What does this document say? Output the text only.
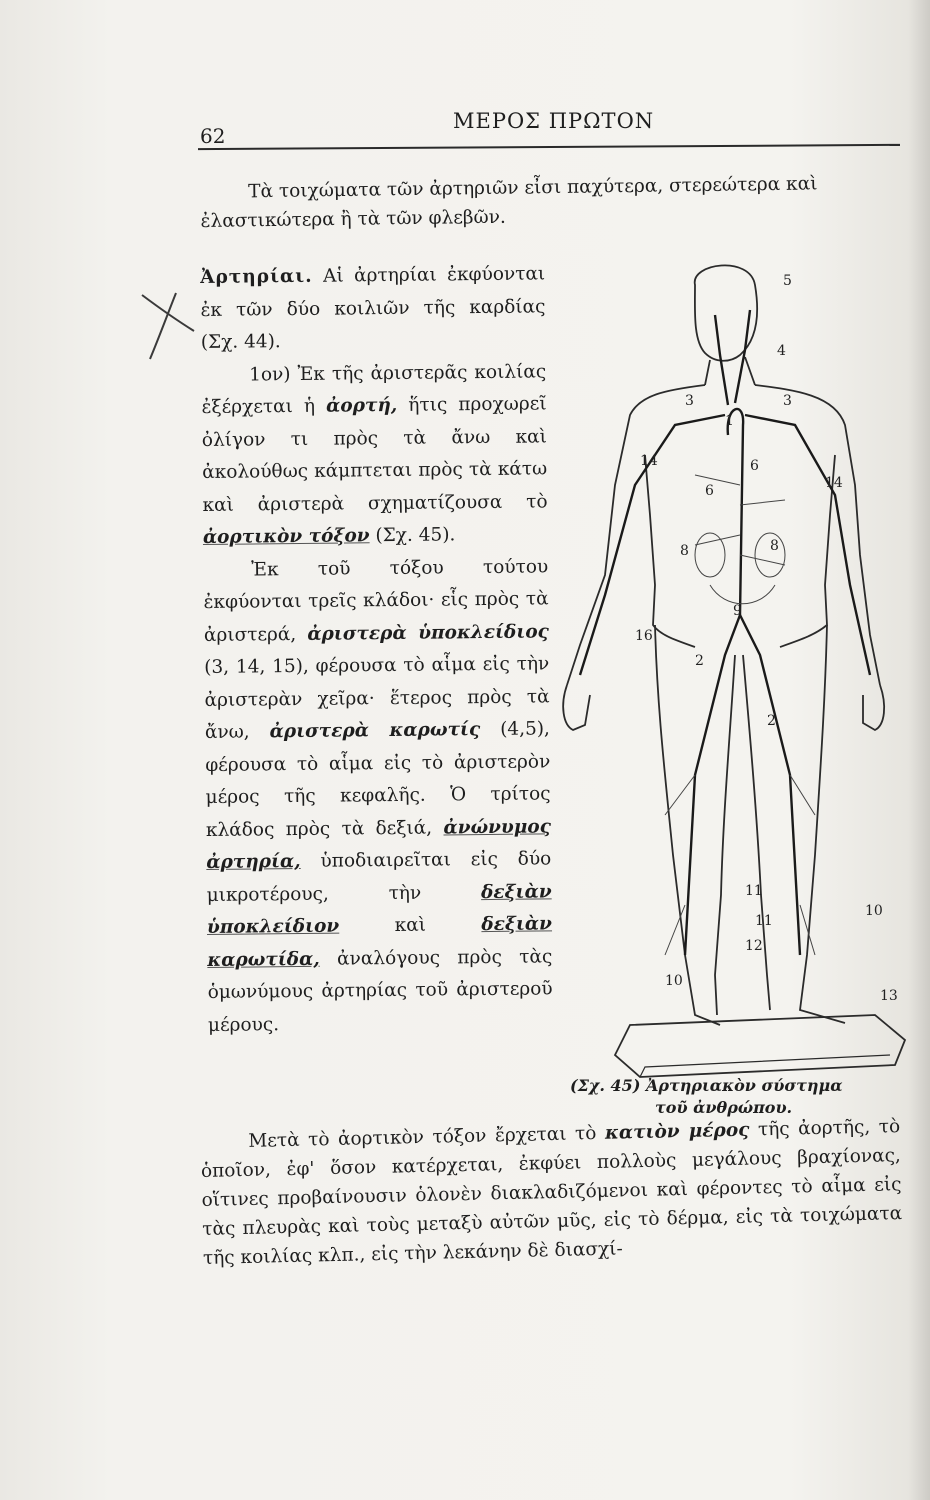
62
ΜΕΡΟΣ ΠΡΩΤΟΝ

Τὰ τοιχώματα τῶν ἀρτηριῶν εἶσι παχύτερα, στερεώτερα καὶ ἐλαστικώτερα ἢ τὰ τῶν φλεβῶν.

Ἀρτηρίαι. Αἱ ἀρτηρίαι ἐκφύονται ἐκ τῶν δύο κοιλιῶν τῆς καρδίας (Σχ. 44).

1ον) Ἐκ τῆς ἀριστερᾶς κοιλίας ἐξέρχεται ἡ ἀορτή, ἥτις προχωρεῖ ὀλίγον τι πρὸς τὰ ἄνω καὶ ἀκολούθως κάμπτεται πρὸς τὰ κάτω καὶ ἀριστερὰ σχηματίζουσα τὸ ἀορτικὸν τόξον (Σχ. 45).

Ἐκ τοῦ τόξου τούτου ἐκφύονται τρεῖς κλάδοι· εἷς πρὸς τὰ ἀριστερά, ἀριστερὰ ὑποκλείδιος (3, 14, 15), φέρουσα τὸ αἷμα εἰς τὴν ἀριστερὰν χεῖρα· ἕτερος πρὸς τὰ ἄνω, ἀριστερὰ καρωτίς (4,5), φέρουσα τὸ αἷμα εἰς τὸ ἀριστερὸν μέρος τῆς κεφαλῆς. Ὁ τρίτος κλάδος πρὸς τὰ δεξιά, ἀνώνυμος ἀρτηρία, ὑποδιαιρεῖται εἰς δύο μικροτέρους, τὴν	δεξιὰν ὑποκλείδιον	καὶ	δεξιὰν καρωτίδα, ἀναλόγους πρὸς τὰς ὁμωνύμους ἀρτηρίας τοῦ ἀριστεροῦ μέρους.

5
4
3	3
1
14	6
6	14
8	8
9
16
2
2
11
11
12
10
10
13
(Σχ. 45) Ἀρτηριακὸν σύστημα
τοῦ ἀνθρώπου.

Μετὰ τὸ ἀορτικὸν τόξον ἔρχεται τὸ κατιὸν μέρος τῆς ἀορτῆς, τὸ ὁποῖον, ἐφ' ὅσον κατέρχεται, ἐκφύει πολλοὺς μεγάλους βραχίονας, οἵτινες προβαίνουσιν ὁλονὲν διακλαδιζόμενοι καὶ φέροντες τὸ αἷμα εἰς τὰς πλευρὰς καὶ τοὺς μεταξὺ αὐτῶν μῦς, εἰς τὸ δέρμα, εἰς τὰ τοιχώματα τῆς κοιλίας κλπ., εἰς τὴν λεκάνην δὲ διασχί-
